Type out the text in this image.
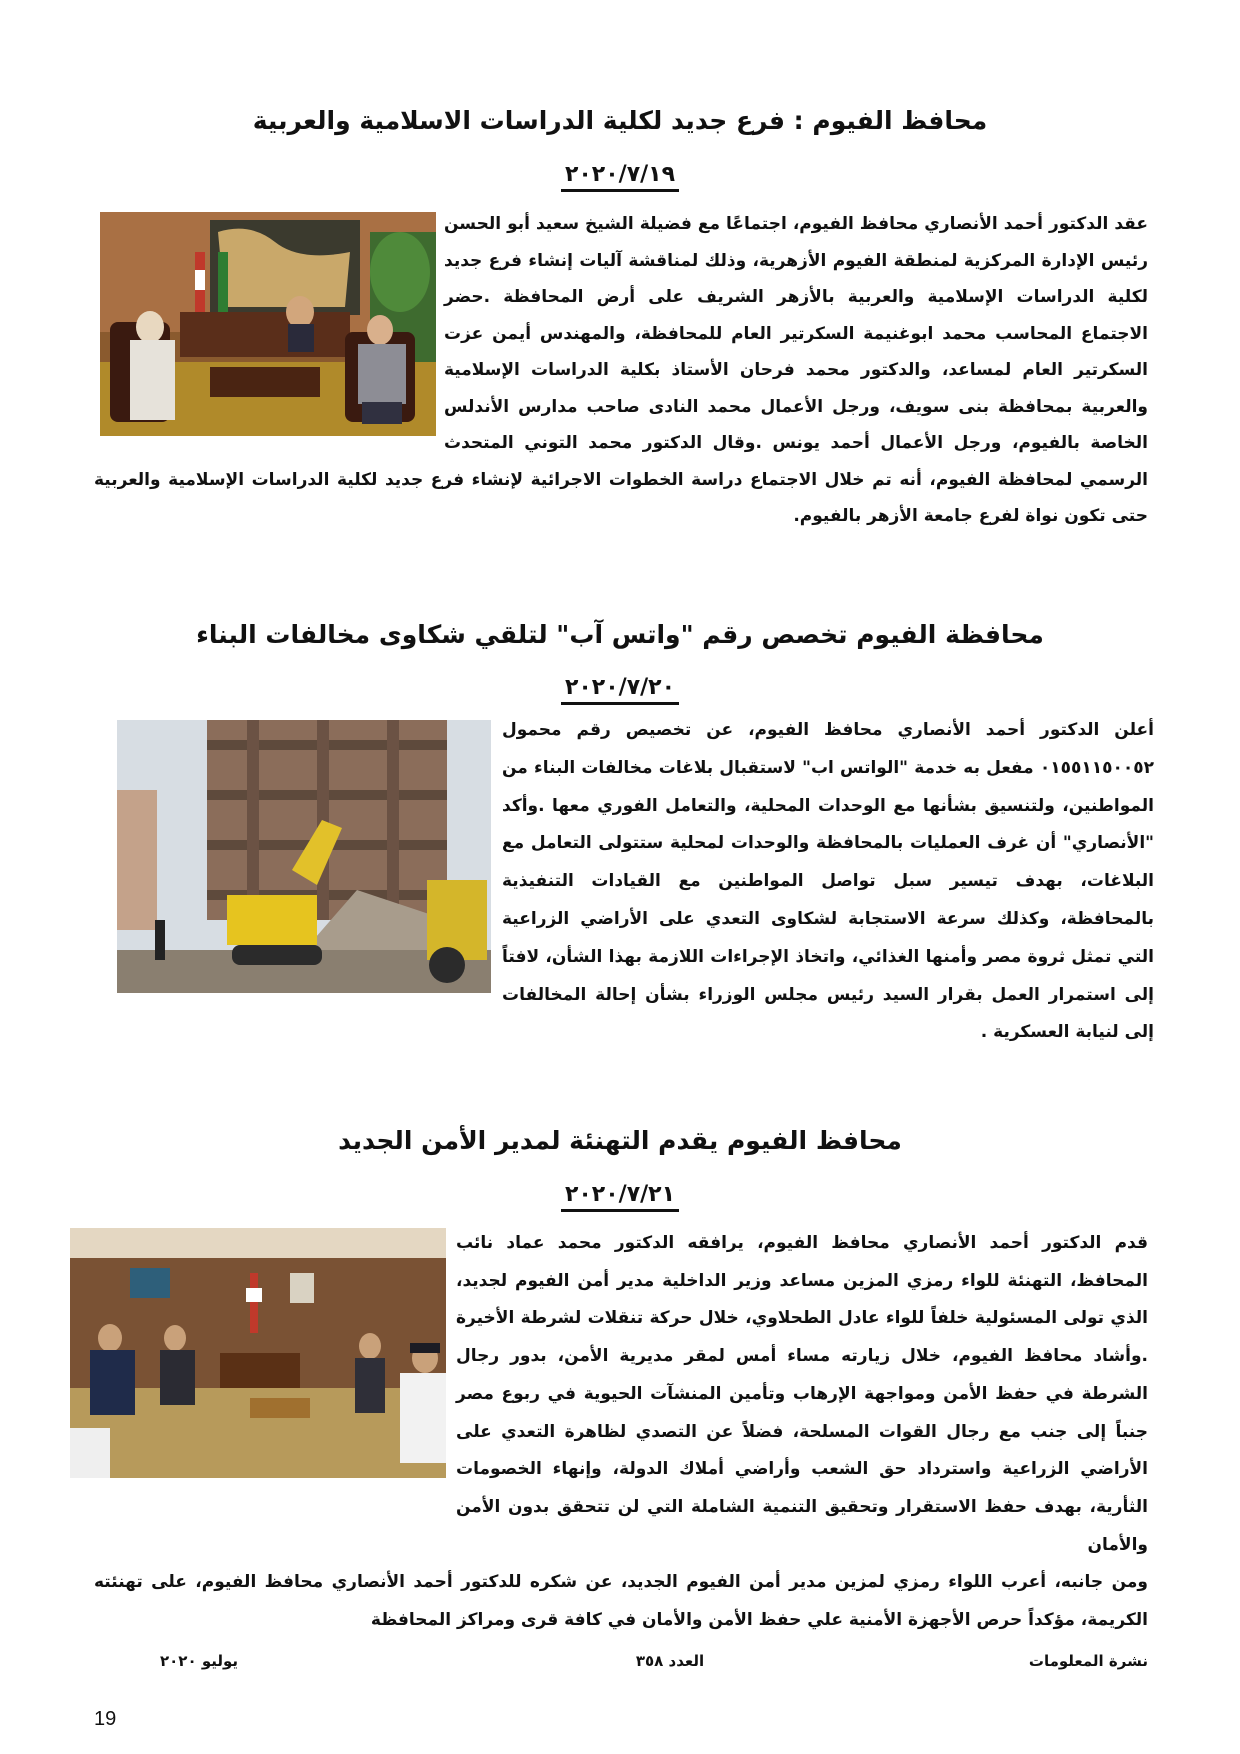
محافظ الفيوم : فرع جديد لكلية الدراسات الاسلامية والعربية
٢٠٢٠/٧/١٩

عقد الدكتور أحمد الأنصاري محافظ الفيوم، اجتماعًا مع فضيلة الشيخ سعيد أبو الحسن رئيس الإدارة المركزية لمنطقة الفيوم الأزهرية، وذلك لمناقشة آليات إنشاء فرع جديد لكلية الدراسات الإسلامية والعربية بالأزهر الشريف على أرض المحافظة .حضر الاجتماع المحاسب محمد ابوغنيمة السكرتير العام للمحافظة، والمهندس أيمن عزت السكرتير العام لمساعد، والدكتور محمد فرحان الأستاذ بكلية الدراسات الإسلامية والعربية بمحافظة بنى سويف، ورجل الأعمال محمد النادى صاحب مدارس الأندلس الخاصة بالفيوم، ورجل الأعمال أحمد يونس .وقال الدكتور محمد التوني المتحدث الرسمي لمحافظة الفيوم، أنه تم خلال الاجتماع دراسة الخطوات الاجرائية لإنشاء فرع جديد لكلية الدراسات الإسلامية والعربية حتى تكون نواة لفرع جامعة الأزهر بالفيوم.

محافظة الفيوم تخصص رقم "واتس آب" لتلقي شكاوى مخالفات البناء
٢٠٢٠/٧/٢٠

أعلن الدكتور أحمد الأنصاري محافظ الفيوم، عن تخصيص رقم محمول ٠١٥٥١١٥٠٠٥٢ مفعل به خدمة "الواتس اب" لاستقبال بلاغات مخالفات البناء من المواطنين، ولتنسيق بشأنها مع الوحدات المحلية، والتعامل الفوري معها .وأكد "الأنصاري" أن غرف العمليات بالمحافظة والوحدات لمحلية ستتولى التعامل مع البلاغات، بهدف تيسير سبل تواصل المواطنين مع القيادات التنفيذية بالمحافظة، وكذلك سرعة الاستجابة لشكاوى التعدي على الأراضي الزراعية التي تمثل ثروة مصر وأمنها الغذائي، واتخاذ الإجراءات اللازمة بهذا الشأن، لافتاً إلى استمرار العمل بقرار السيد رئيس مجلس الوزراء بشأن إحالة المخالفات إلى لنيابة العسكرية .

محافظ الفيوم يقدم التهنئة لمدير الأمن الجديد
٢٠٢٠/٧/٢١

قدم الدكتور أحمد الأنصاري محافظ الفيوم، يرافقه الدكتور محمد عماد نائب المحافظ، التهنئة للواء رمزي المزين مساعد وزير الداخلية مدير أمن الفيوم لجديد، الذي تولى المسئولية خلفاً للواء عادل الطحلاوي، خلال حركة تنقلات لشرطة الأخيرة .وأشاد محافظ الفيوم، خلال زيارته مساء أمس لمقر مديرية الأمن، بدور رجال الشرطة في حفظ الأمن ومواجهة الإرهاب وتأمين المنشآت الحيوية في ربوع مصر جنباً إلى جنب مع رجال القوات المسلحة، فضلاً عن التصدي لظاهرة التعدي على الأراضي الزراعية واسترداد حق الشعب وأراضي أملاك الدولة، وإنهاء الخصومات الثأرية، بهدف حفظ الاستقرار وتحقيق التنمية الشاملة التي لن تتحقق بدون الأمن والأمان

ومن جانبه، أعرب اللواء رمزي لمزين مدير أمن الفيوم الجديد، عن شكره للدكتور أحمد الأنصاري محافظ الفيوم، على تهنئته الكريمة، مؤكداً حرص الأجهزة الأمنية علي حفظ الأمن والأمان في كافة قرى ومراكز المحافظة

نشرة المعلومات
العدد ٣٥٨
يوليو ٢٠٢٠
19
